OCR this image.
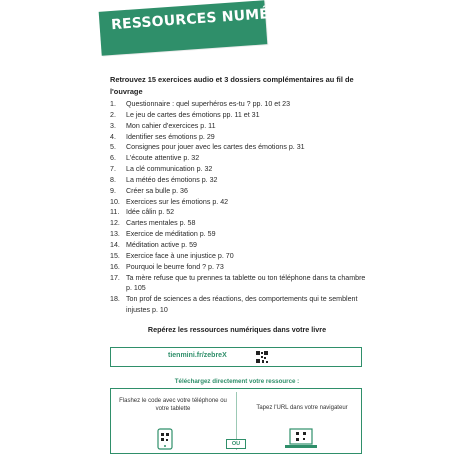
RESSOURCES NUMÉRIQUES
Retrouvez 15 exercices audio et 3 dossiers complémentaires au fil de l'ouvrage
1.	Questionnaire : quel superhéros es-tu ? pp. 10 et 23
2.	Le jeu de cartes des émotions pp. 11 et 31
3.	Mon cahier d'exercices p. 11
4.	Identifier ses émotions p. 29
5.	Consignes pour jouer avec les cartes des émotions p. 31
6.	L'écoute attentive p. 32
7.	La clé communication p. 32
8.	La météo des émotions p. 32
9.	Créer sa bulle p. 36
10. Exercices sur les émotions p. 42
11. Idée câlin p. 52
12. Cartes mentales p. 58
13. Exercice de méditation p. 59
14. Méditation active p. 59
15. Exercice face à une injustice p. 70
16. Pourquoi le beurre fond ? p. 73
17. Ta mère refuse que tu prennes ta tablette ou ton téléphone dans ta chambre p. 105
18. Ton prof de sciences a des réactions, des comportements qui te semblent injustes p. 10
Repérez les ressources numériques dans votre livre
tienmini.fr/zebreX
Téléchargez directement votre ressource :
Flashez le code avec votre téléphone ou votre tablette	Tapez l'URL dans votre navigateur
OU
